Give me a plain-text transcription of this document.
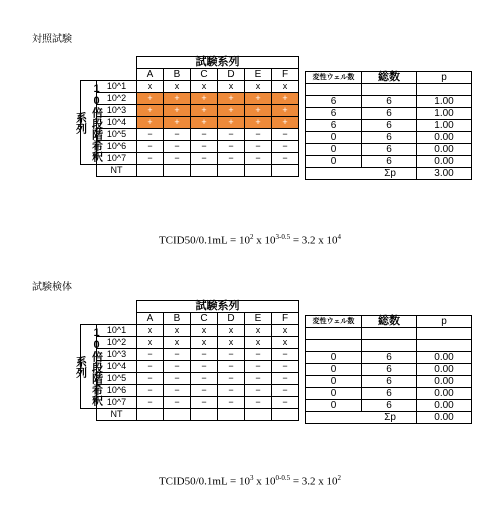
対照試験
		試験系列					
		A	B	C	D	E	F
10倍段階希釈系列	10^1	x	x	x	x	x	x
	10^2	+	+	+	+	+	+
	10^3	+	+	+	+	+	+
	10^4	+	+	+	+	+	+
	10^5	−	−	−	−	−	−
	10^6	−	−	−	−	−	−
	10^7	−	−	−	−	−	−
	NT						
変性ウェル数	総数	p

6	6	1.00
6	6	1.00
6	6	1.00
0	6	0.00
0	6	0.00
0	6	0.00
Σp		3.00
TCID50/0.1mL = $10^2$ x $10^{3-0.5} = 3.2$ x $10^4$
試験検体
		試験系列					
		A	B	C	D	E	F
10倍段階希釈系列	10^1	x	x	x	x	x	x
	10^2	x	x	x	x	x	x
	10^3	−	−	−	−	−	−
	10^4	−	−	−	−	−	−
	10^5	−	−	−	−	−	−
	10^6	−	−	−	−	−	−
	10^7	−	−	−	−	−	−
	NT						
変性ウェル数	総数	p

0	6	0.00
0	6	0.00
0	6	0.00
0	6	0.00
0	6	0.00
Σp		0.00
TCID50/0.1mL = $10^3$ x $10^{0-0.5} = 3.2$ x $10^2$
